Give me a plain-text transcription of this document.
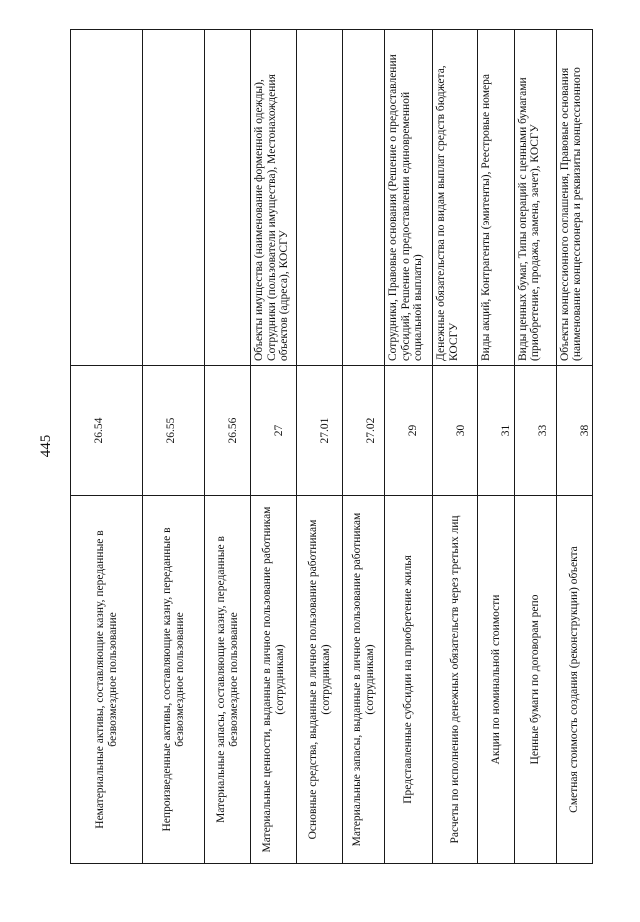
445
Нематериальные активы, составляющие казну, переданные в безвозмездное пользование	26.54	
Непроизведенные активы, составляющие казну, переданные в безвозмездное пользование	26.55	
Материальные запасы, составляющие казну, переданные в безвозмездное пользование	26.56	
Материальные ценности, выданные в личное пользование работникам (сотрудникам)	27	Объекты имущества (наименование форменной одежды), Сотрудники (пользователи имущества), Местонахождения объектов (адреса), КОСГУ
Основные средства, выданные в личное пользование работникам (сотрудникам)	27.01	
Материальные запасы, выданные в личное пользование работникам (сотрудникам)	27.02	
Представленные субсидии на приобретение жилья	29	Сотрудники, Правовые основания (Решение о предоставлении субсидий, Решение о предоставлении единовременной социальной выплаты)
Расчеты по исполнению денежных обязательств через третьих лиц	30	Денежные обязательства по видам выплат средств бюджета, КОСГУ
Акции по номинальной стоимости	31	Виды акций, Контрагенты (эмитенты), Реестровые номера
Ценные бумаги по договорам репо	33	Виды ценных бумаг, Типы операций с ценными бумагами (приобретение, продажа, замена, зачет), КОСГУ
Сметная стоимость создания (реконструкции) объекта	38	Объекты концессионного соглашения, Правовые основания (наименование концессионера и реквизиты концессионного
